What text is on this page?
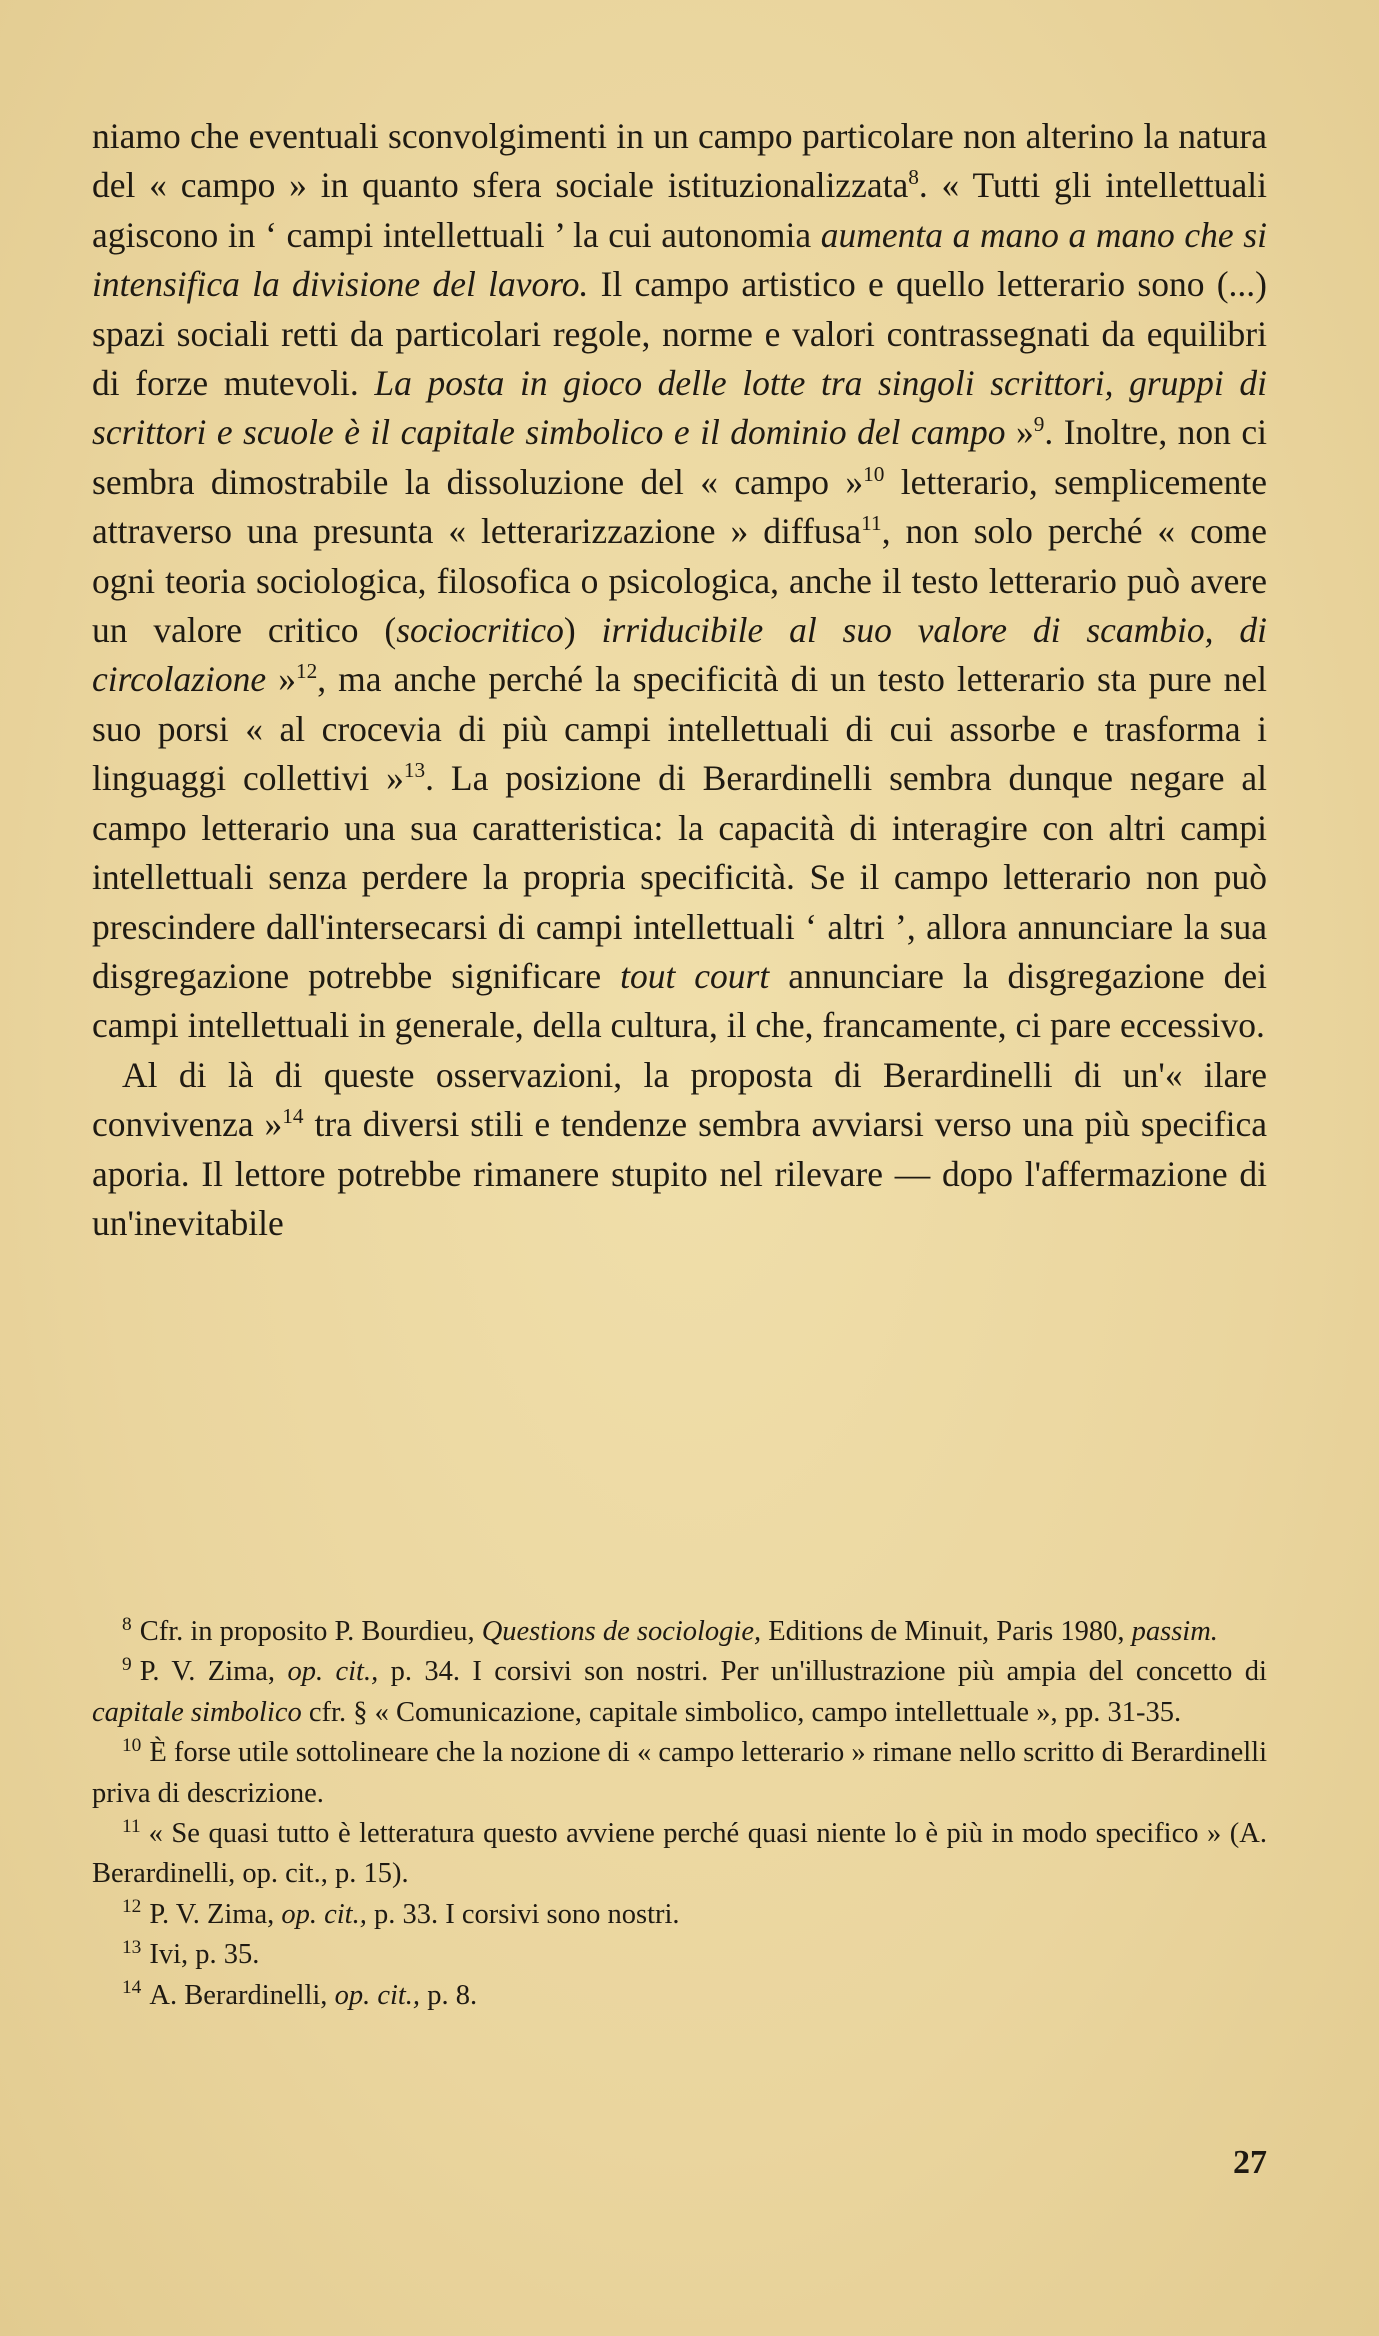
niamo che eventuali sconvolgimenti in un campo particolare non alterino la natura del « campo » in quanto sfera sociale istituzionalizzata$^8$. « Tutti gli intellettuali agiscono in ‘ campi intellettuali ’ la cui autonomia aumenta a mano a mano che si intensifica la divisione del lavoro. Il campo artistico e quello letterario sono (...) spazi sociali retti da particolari regole, norme e valori contrassegnati da equilibri di forze mutevoli. La posta in gioco delle lotte tra singoli scrittori, gruppi di scrittori e scuole è il capitale simbolico e il dominio del campo »$^9$. Inoltre, non ci sembra dimostrabile la dissoluzione del « campo »$^{10}$ letterario, semplicemente attraverso una presunta « letterarizzazione » diffusa$^{11}$, non solo perché « come ogni teoria sociologica, filosofica o psicologica, anche il testo letterario può avere un valore critico (sociocritico) irriducibile al suo valore di scambio, di circolazione »$^{12}$, ma anche perché la specificità di un testo letterario sta pure nel suo porsi « al crocevia di più campi intellettuali di cui assorbe e trasforma i linguaggi collettivi »$^{13}$. La posizione di Berardinelli sembra dunque negare al campo letterario una sua caratteristica: la capacità di interagire con altri campi intellettuali senza perdere la propria specificità. Se il campo letterario non può prescindere dall'intersecarsi di campi intellettuali ‘ altri ’, allora annunciare la sua disgregazione potrebbe significare tout court annunciare la disgregazione dei campi intellettuali in generale, della cultura, il che, francamente, ci pare eccessivo.

Al di là di queste osservazioni, la proposta di Berardinelli di un'« ilare convivenza »$^{14}$ tra diversi stili e tendenze sembra avviarsi verso una più specifica aporia. Il lettore potrebbe rimanere stupito nel rilevare — dopo l'affermazione di un'inevitabile

$^8$ Cfr. in proposito P. Bourdieu, Questions de sociologie, Editions de Minuit, Paris 1980, passim.

$^9$ P. V. Zima, op. cit., p. 34. I corsivi son nostri. Per un'illustrazione più ampia del concetto di capitale simbolico cfr. § « Comunicazione, capitale simbolico, campo intellettuale », pp. 31-35.

$^{10}$ È forse utile sottolineare che la nozione di « campo letterario » rimane nello scritto di Berardinelli priva di descrizione.

$^{11}$ « Se quasi tutto è letteratura questo avviene perché quasi niente lo è più in modo specifico » (A. Berardinelli, op. cit., p. 15).

$^{12}$ P. V. Zima, op. cit., p. 33. I corsivi sono nostri.

$^{13}$ Ivi, p. 35.

$^{14}$ A. Berardinelli, op. cit., p. 8.

27
